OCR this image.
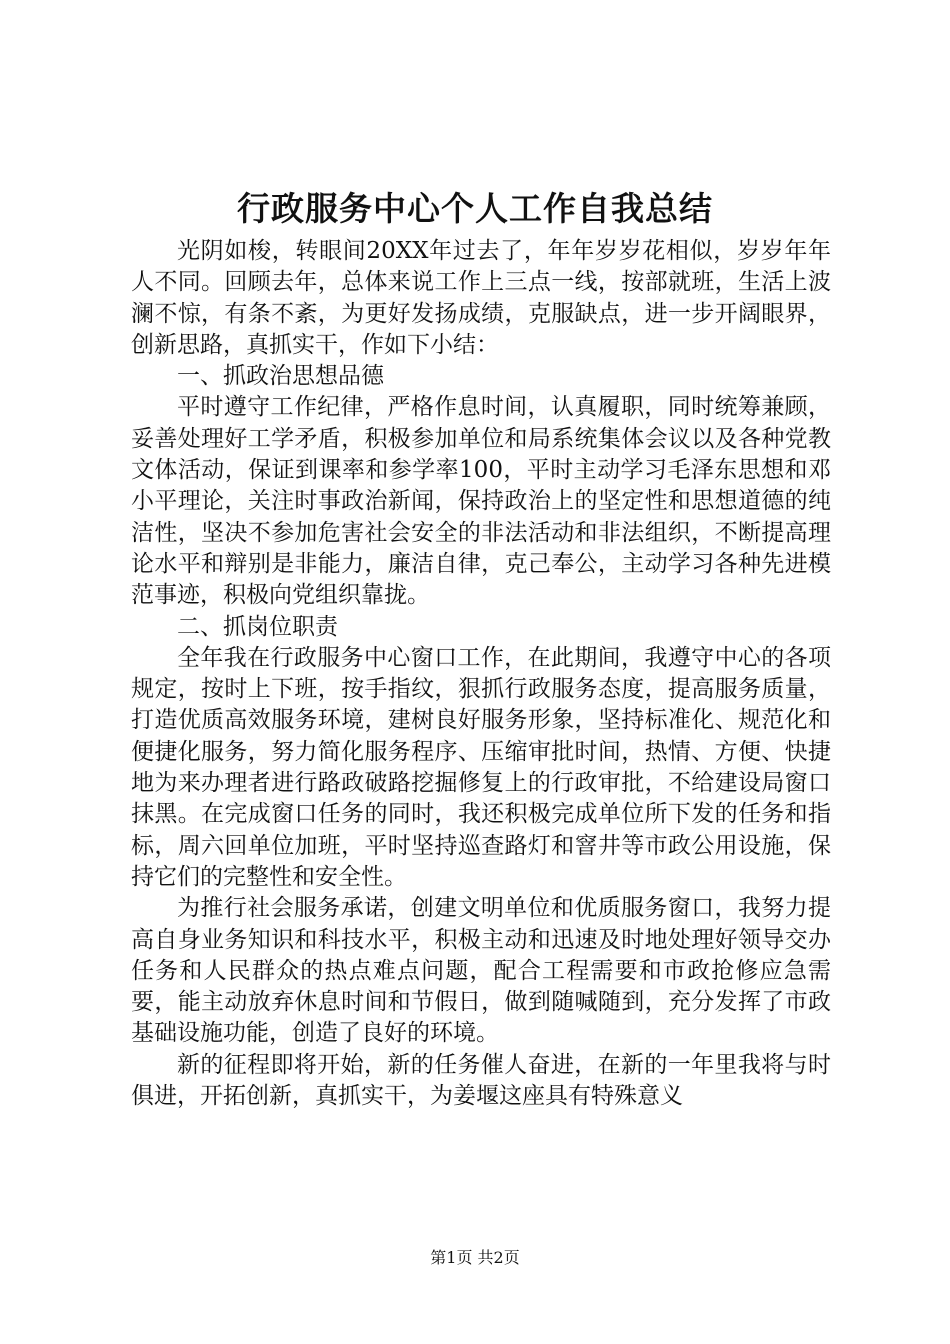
行政服务中心个人工作自我总结

光阴如梭，转眼间20XX年过去了，年年岁岁花相似，岁岁年年人不同。回顾去年，总体来说工作上三点一线，按部就班，生活上波澜不惊，有条不紊，为更好发扬成绩，克服缺点，进一步开阔眼界，创新思路，真抓实干，作如下小结：

一、抓政治思想品德

平时遵守工作纪律，严格作息时间，认真履职，同时统筹兼顾，妥善处理好工学矛盾，积极参加单位和局系统集体会议以及各种党教文体活动，保证到课率和参学率100，平时主动学习毛泽东思想和邓小平理论，关注时事政治新闻，保持政治上的坚定性和思想道德的纯洁性，坚决不参加危害社会安全的非法活动和非法组织，不断提高理论水平和辩别是非能力，廉洁自律，克己奉公，主动学习各种先进模范事迹，积极向党组织靠拢。

二、抓岗位职责

全年我在行政服务中心窗口工作，在此期间，我遵守中心的各项规定，按时上下班，按手指纹，狠抓行政服务态度，提高服务质量，打造优质高效服务环境，建树良好服务形象，坚持标准化、规范化和便捷化服务，努力简化服务程序、压缩审批时间，热情、方便、快捷地为来办理者进行路政破路挖掘修复上的行政审批，不给建设局窗口抹黑。在完成窗口任务的同时，我还积极完成单位所下发的任务和指标，周六回单位加班，平时坚持巡查路灯和窨井等市政公用设施，保持它们的完整性和安全性。

为推行社会服务承诺，创建文明单位和优质服务窗口，我努力提高自身业务知识和科技水平，积极主动和迅速及时地处理好领导交办任务和人民群众的热点难点问题，配合工程需要和市政抢修应急需要，能主动放弃休息时间和节假日，做到随喊随到，充分发挥了市政基础设施功能，创造了良好的环境。

新的征程即将开始，新的任务催人奋进，在新的一年里我将与时俱进，开拓创新，真抓实干，为姜堰这座具有特殊意义

第1页 共2页
